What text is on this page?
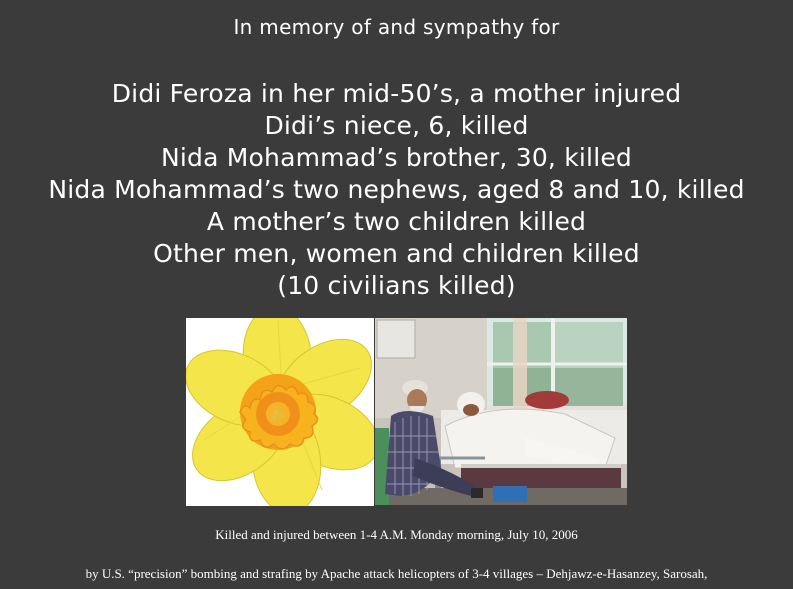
In memory of and sympathy for

Didi Feroza in her mid-50’s, a mother injured
Didi’s niece, 6, killed
Nida Mohammad’s brother, 30, killed
Nida Mohammad’s two nephews, aged 8 and 10, killed
A mother’s two children killed
Other men, women and children killed
(10 civilians killed)

Killed and injured between 1-4 A.M. Monday morning, July 10, 2006

by U.S. “precision” bombing and strafing by Apache attack helicopters of 3-4 villages – Dehjawz-e-Hasanzey, Sarosah,
